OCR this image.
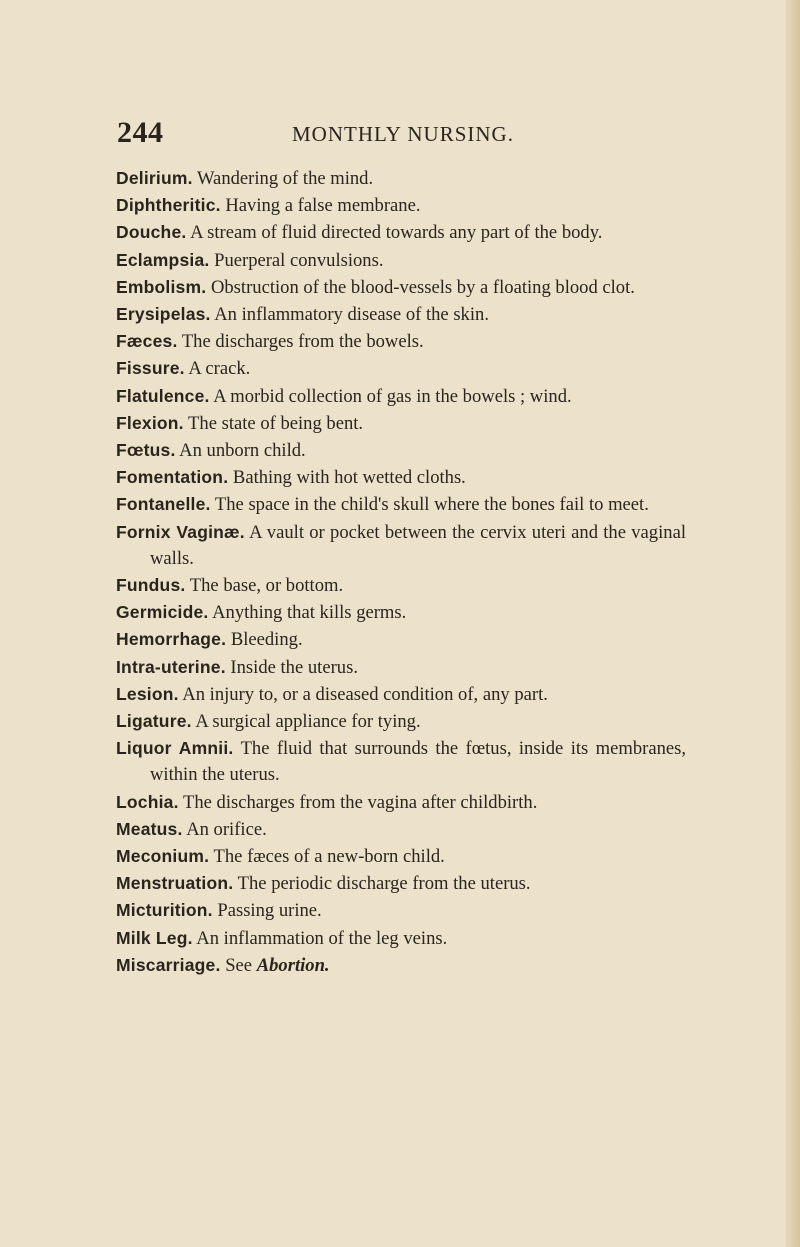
244	MONTHLY NURSING.
Delirium. Wandering of the mind.
Diphtheritic. Having a false membrane.
Douche. A stream of fluid directed towards any part of the body.
Eclampsia. Puerperal convulsions.
Embolism. Obstruction of the blood-vessels by a floating blood clot.
Erysipelas. An inflammatory disease of the skin.
Fæces. The discharges from the bowels.
Fissure. A crack.
Flatulence. A morbid collection of gas in the bowels ; wind.
Flexion. The state of being bent.
Fœtus. An unborn child.
Fomentation. Bathing with hot wetted cloths.
Fontanelle. The space in the child's skull where the bones fail to meet.
Fornix Vaginæ. A vault or pocket between the cervix uteri and the vaginal walls.
Fundus. The base, or bottom.
Germicide. Anything that kills germs.
Hemorrhage. Bleeding.
Intra-uterine. Inside the uterus.
Lesion. An injury to, or a diseased condition of, any part.
Ligature. A surgical appliance for tying.
Liquor Amnii. The fluid that surrounds the fœtus, inside its membranes, within the uterus.
Lochia. The discharges from the vagina after childbirth.
Meatus. An orifice.
Meconium. The fæces of a new-born child.
Menstruation. The periodic discharge from the uterus.
Micturition. Passing urine.
Milk Leg. An inflammation of the leg veins.
Miscarriage. See Abortion.
